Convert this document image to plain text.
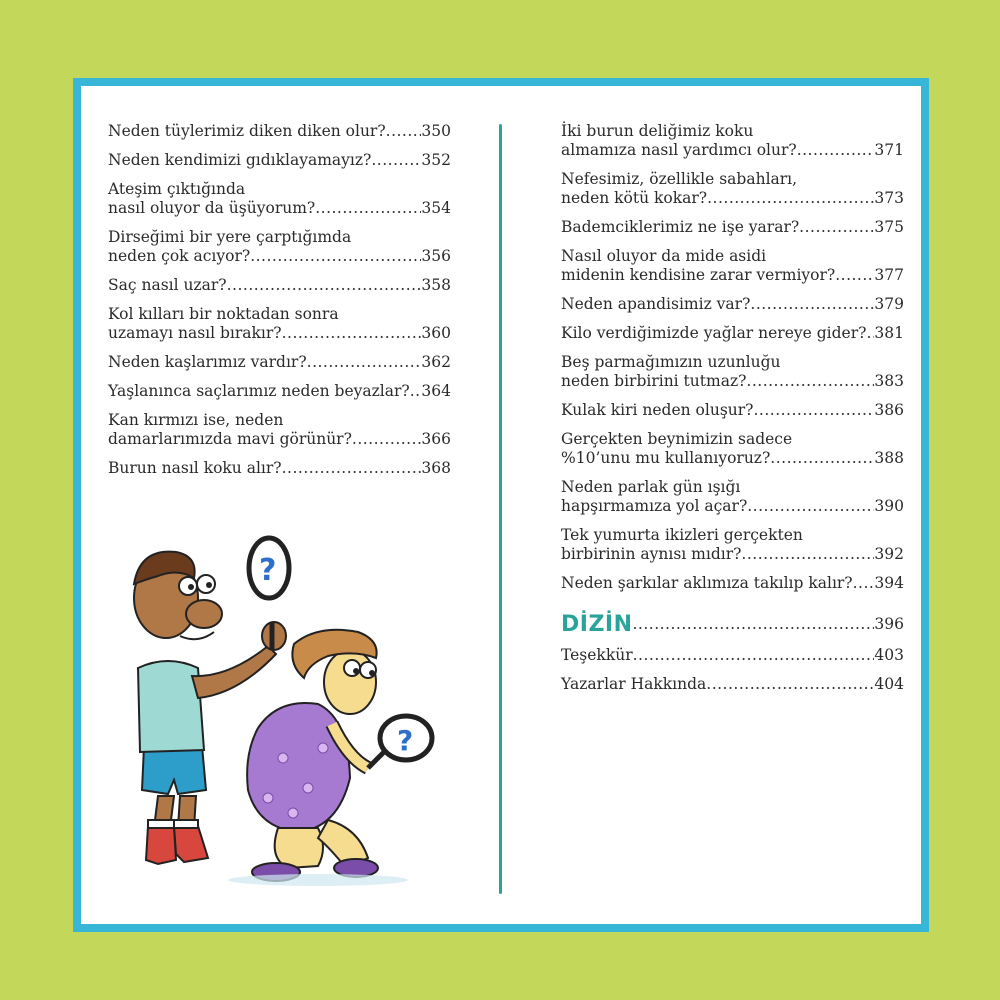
Neden tüylerimiz diken diken olur? ..... 350
Neden kendimizi gıdıklayamayız? .....	352
Ateşim çıktığında
nasıl oluyor da üşüyorum? .....	354
Dirseğimi bir yere çarptığımda
neden çok acıyor? .....	356
Saç nasıl uzar? .....	358
Kol kılları bir noktadan sonra
uzamayı nasıl bırakır? .....	360
Neden kaşlarımız vardır? .....	362
Yaşlanınca saçlarımız neden beyazlar? ..... 364
Kan kırmızı ise, neden
damarlarımızda mavi görünür? .....	366
Burun nasıl koku alır? .....	368
İki burun deliğimiz koku
almamıza nasıl yardımcı olur? .....	371
Nefesimiz, özellikle sabahları,
neden kötü kokar? .....	373
Bademciklerimiz ne işe yarar? .....	375
Nasıl oluyor da mide asidi
midenin kendisine zarar vermiyor? .....	377
Neden apandisimiz var? .....	379
Kilo verdiğimizde yağlar nereye gider? ..... 381
Beş parmağımızın uzunluğu
neden birbirini tutmaz? .....	383
Kulak kiri neden oluşur? .....	386
Gerçekten beynimizin sadece
%10’unu mu kullanıyoruz? .....	388
Neden parlak gün ışığı
hapşırmamıza yol açar? .....	390
Tek yumurta ikizleri gerçekten
birbirinin aynısı mıdır? .....	392
Neden şarkılar aklımıza takılıp kalır? ..... 394
DİZİN .....	396
Teşekkür .....	403
Yazarlar Hakkında .....	404
?
?
